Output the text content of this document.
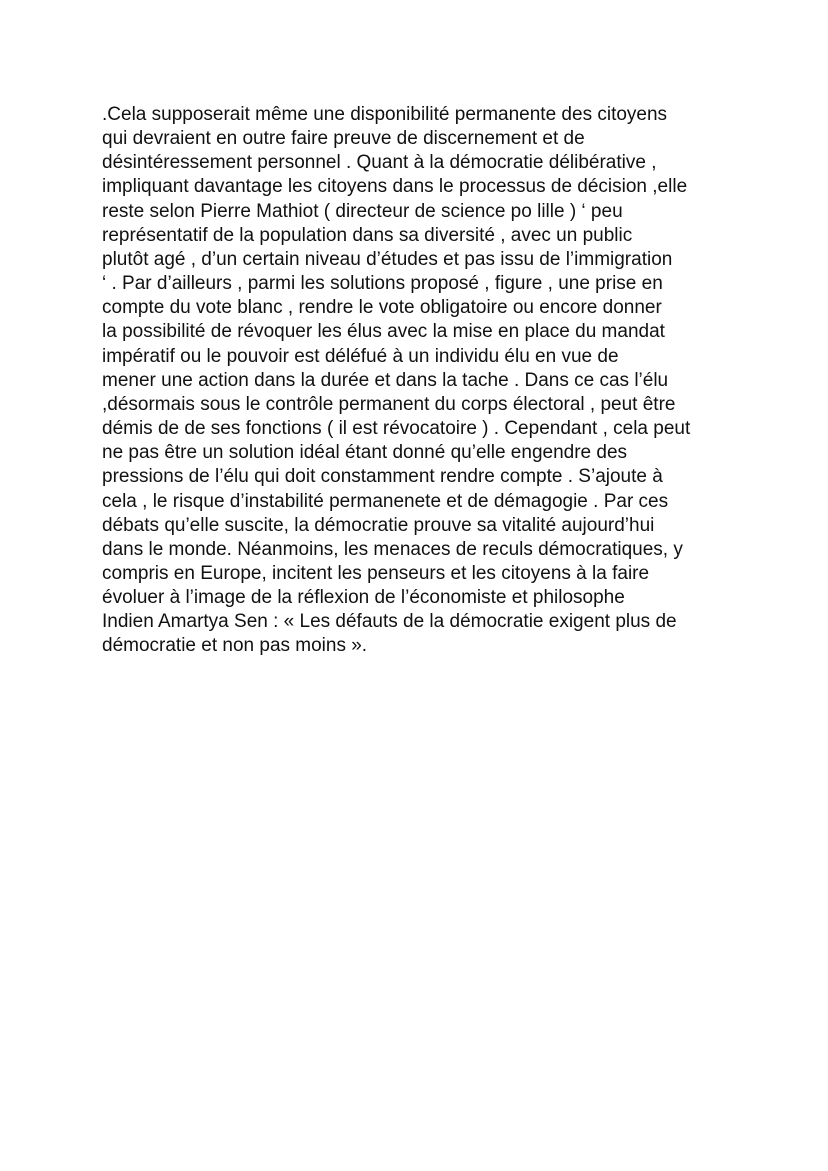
.Cela supposerait même une disponibilité permanente des citoyens
qui devraient en outre faire preuve de discernement et de
désintéressement personnel . Quant à la démocratie délibérative ,
impliquant davantage les citoyens dans le processus de décision ,elle
reste selon Pierre Mathiot ( directeur de science po lille ) ‘ peu
représentatif de la population dans sa diversité , avec un public
plutôt agé , d’un certain niveau d’études et pas issu de l’immigration
‘ . Par d’ailleurs , parmi les solutions proposé , figure , une prise en
compte du vote blanc , rendre le vote obligatoire ou encore donner
la possibilité de révoquer les élus avec la mise en place du mandat
impératif ou le pouvoir est déléfué à un individu élu en vue de
mener une action dans la durée et dans la tache . Dans ce cas l’élu
,désormais sous le contrôle permanent du corps électoral , peut être
démis de de ses fonctions ( il est révocatoire ) . Cependant , cela peut
ne pas être un solution idéal étant donné qu’elle engendre des
pressions de l’élu qui doit constamment rendre compte . S’ajoute à
cela , le risque d’instabilité permanenete et de démagogie . Par ces
débats qu’elle suscite, la démocratie prouve sa vitalité aujourd’hui
dans le monde. Néanmoins, les menaces de reculs démocratiques, y
compris en Europe, incitent les penseurs et les citoyens à la faire
évoluer à l’image de la réflexion de l’économiste et philosophe
Indien Amartya Sen : « Les défauts de la démocratie exigent plus de
démocratie et non pas moins ».
